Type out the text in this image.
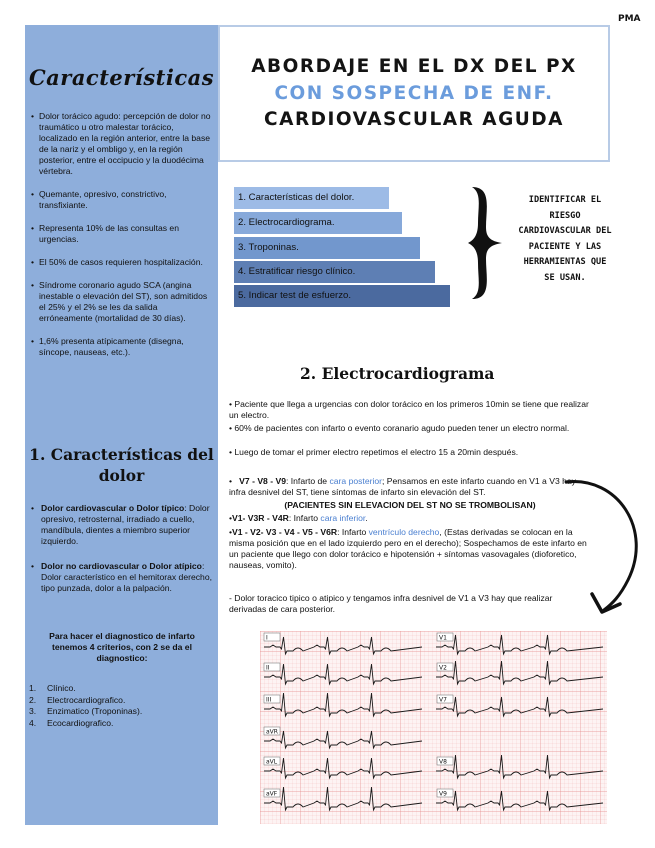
PMA
Características
• Dolor torácico agudo: percepción de dolor no traumático u otro malestar torácico, localizado en la región anterior, entre la base de la nariz y el ombligo y, en la región posterior, entre el occipucio y la duodécima vértebra.
• Quemante, opresivo, constrictivo, transfixiante.
• Representa 10% de las consultas en urgencias.
• El 50% de casos requieren hospitalización.
• Síndrome coronario agudo SCA (angina inestable o elevación del ST), son admitidos el 25% y el 2% se les da salida erróneamente (mortalidad de 30 días).
• 1,6% presenta atípicamente (disegna, síncope, nauseas, etc.).
1. Características del dolor
• Dolor cardiovascular o Dolor típico: Dolor opresivo, retrosternal, irradiado a cuello, mandíbula, dientes a miembro superior izquierdo.
• Dolor no cardiovascular o Dolor atípico: Dolor característico en el hemitorax derecho, tipo punzada, dolor a la palpación.
Para hacer el diagnostico de infarto tenemos 4 criterios, con 2 se da el diagnostico:
1. Clínico.
2. Electrocardiografico.
3. Enzimatico (Troponinas).
4. Ecocardiografico.
ABORDAJE EN EL DX DEL PX
CON SOSPECHA DE ENF.
CARDIOVASCULAR AGUDA
1. Características del dolor.
2. Electrocardiograma.
3. Troponinas.
4. Estratificar riesgo clínico.
5. Indicar test de esfuerzo.
IDENTIFICAR EL
RIESGO
CARDIOVASCULAR DEL
PACIENTE Y LAS
HERRAMIENTAS QUE
SE USAN.
2. Electrocardiograma
• Paciente que llega a urgencias con dolor torácico en los primeros 10min se tiene que realizar un electro.
• 60% de pacientes con infarto o evento coranario agudo pueden tener un electro normal.
• Luego de tomar el primer electro repetimos el electro 15 a 20min después.
•   V7 - V8 - V9: Infarto de cara posterior; Pensamos en este infarto cuando en V1 a V3 hay infra desnivel del ST, tiene síntomas de infarto sin elevación del ST.
(PACIENTES SIN ELEVACION DEL ST NO SE TROMBOLISAN)
•V1- V3R - V4R: Infarto cara inferior.
•V1 - V2- V3 - V4 - V5 - V6R: Infarto ventrículo derecho, (Estas derivadas se colocan en la misma posición que en el lado izquierdo pero en el derecho); Sospechamos de este infarto en un paciente que llego con dolor torácico e hipotensión + síntomas vasovagales (dioforetico, nauseas, vomito).
- Dolor toracico tipico o atipico y tengamos infra desnivel de V1 a V3 hay que realizar derivadas de cara posterior.
I
II
III
aVR
aVL
aVF
V1
V2
V7
V8
V9
